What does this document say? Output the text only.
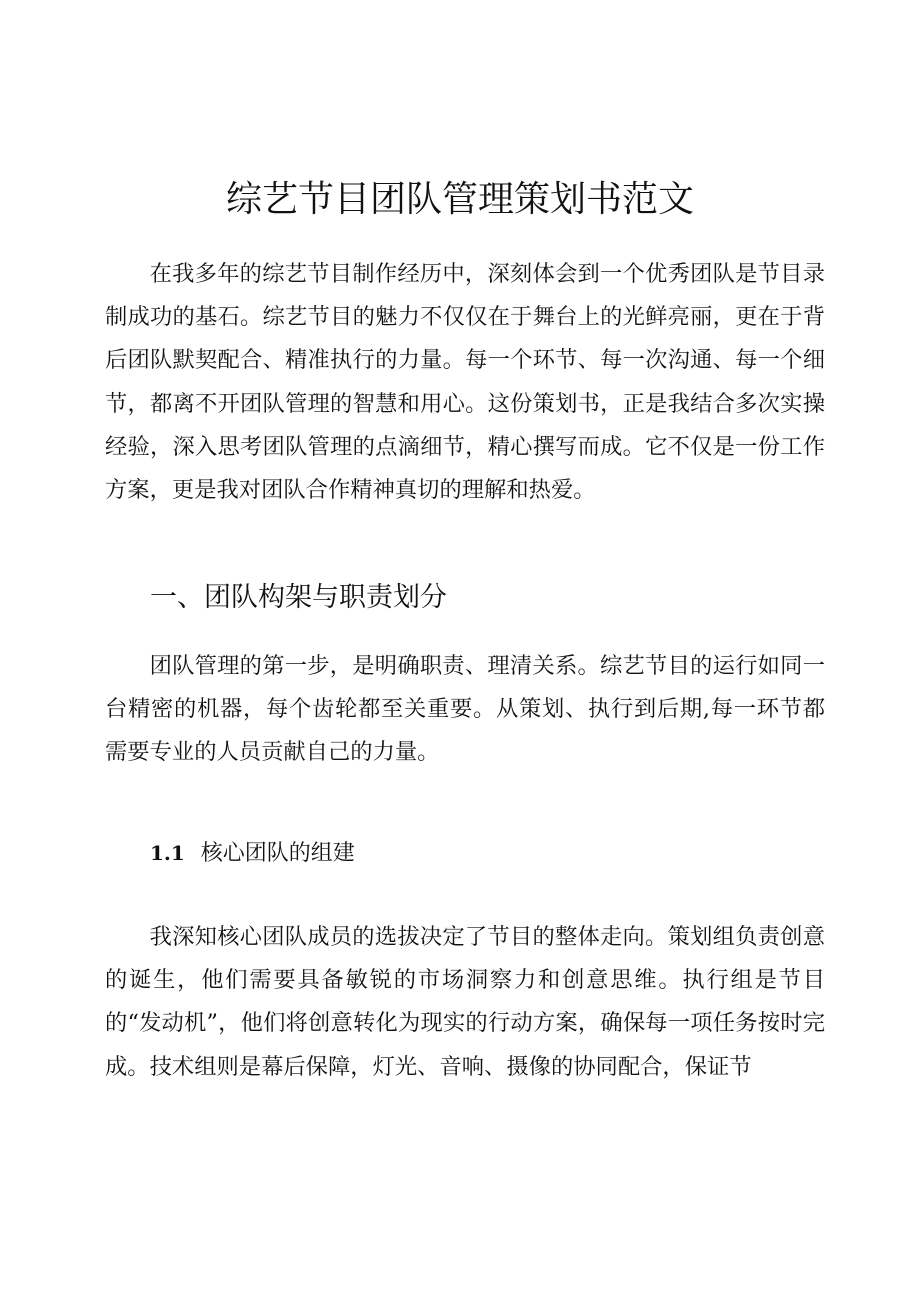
综艺节目团队管理策划书范文

在我多年的综艺节目制作经历中，深刻体会到一个优秀团队是节目录制成功的基石。综艺节目的魅力不仅仅在于舞台上的光鲜亮丽，更在于背后团队默契配合、精准执行的力量。每一个环节、每一次沟通、每一个细节，都离不开团队管理的智慧和用心。这份策划书，正是我结合多次实操经验，深入思考团队管理的点滴细节，精心撰写而成。它不仅是一份工作方案，更是我对团队合作精神真切的理解和热爱。

一、团队构架与职责划分

团队管理的第一步，是明确职责、理清关系。综艺节目的运行如同一台精密的机器，每个齿轮都至关重要。从策划、执行到后期,每一环节都需要专业的人员贡献自己的力量。

1.1 核心团队的组建

我深知核心团队成员的选拔决定了节目的整体走向。策划组负责创意的诞生，他们需要具备敏锐的市场洞察力和创意思维。执行组是节目的“发动机”，他们将创意转化为现实的行动方案，确保每一项任务按时完成。技术组则是幕后保障，灯光、音响、摄像的协同配合，保证节
